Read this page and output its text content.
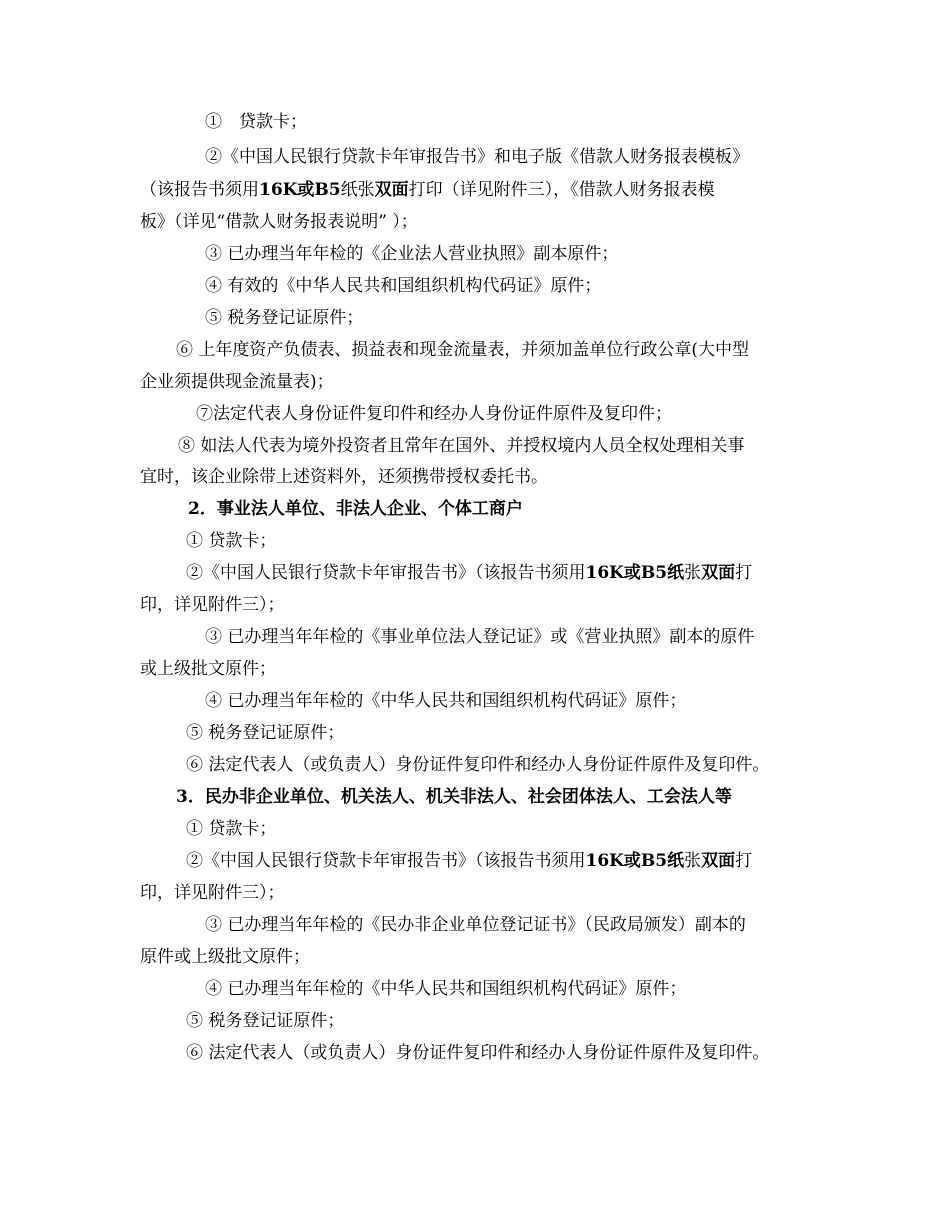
①　贷款卡；
②《中国人民银行贷款卡年审报告书》和电子版《借款人财务报表模板》
（该报告书须用16K或B5纸张双面打印（详见附件三），《借款人财务报表模
板》（详见“借款人财务报表说明” ）；
③ 已办理当年年检的《企业法人营业执照》副本原件；
④ 有效的《中华人民共和国组织机构代码证》原件；
⑤ 税务登记证原件；
⑥ 上年度资产负债表、损益表和现金流量表，并须加盖单位行政公章(大中型
企业须提供现金流量表)；
⑦法定代表人身份证件复印件和经办人身份证件原件及复印件；
⑧ 如法人代表为境外投资者且常年在国外、并授权境内人员全权处理相关事
宜时，该企业除带上述资料外，还须携带授权委托书。
2．事业法人单位、非法人企业、个体工商户
① 贷款卡；
②《中国人民银行贷款卡年审报告书》（该报告书须用16K或B5纸张双面打
印，详见附件三）；
③ 已办理当年年检的《事业单位法人登记证》或《营业执照》副本的原件
或上级批文原件；
④ 已办理当年年检的《中华人民共和国组织机构代码证》原件；
⑤ 税务登记证原件；
⑥ 法定代表人（或负责人）身份证件复印件和经办人身份证件原件及复印件。
3．民办非企业单位、机关法人、机关非法人、社会团体法人、工会法人等
① 贷款卡；
②《中国人民银行贷款卡年审报告书》（该报告书须用16K或B5纸张双面打
印，详见附件三）；
③ 已办理当年年检的《民办非企业单位登记证书》（民政局颁发）副本的
原件或上级批文原件；
④ 已办理当年年检的《中华人民共和国组织机构代码证》原件；
⑤ 税务登记证原件；
⑥ 法定代表人（或负责人）身份证件复印件和经办人身份证件原件及复印件。
